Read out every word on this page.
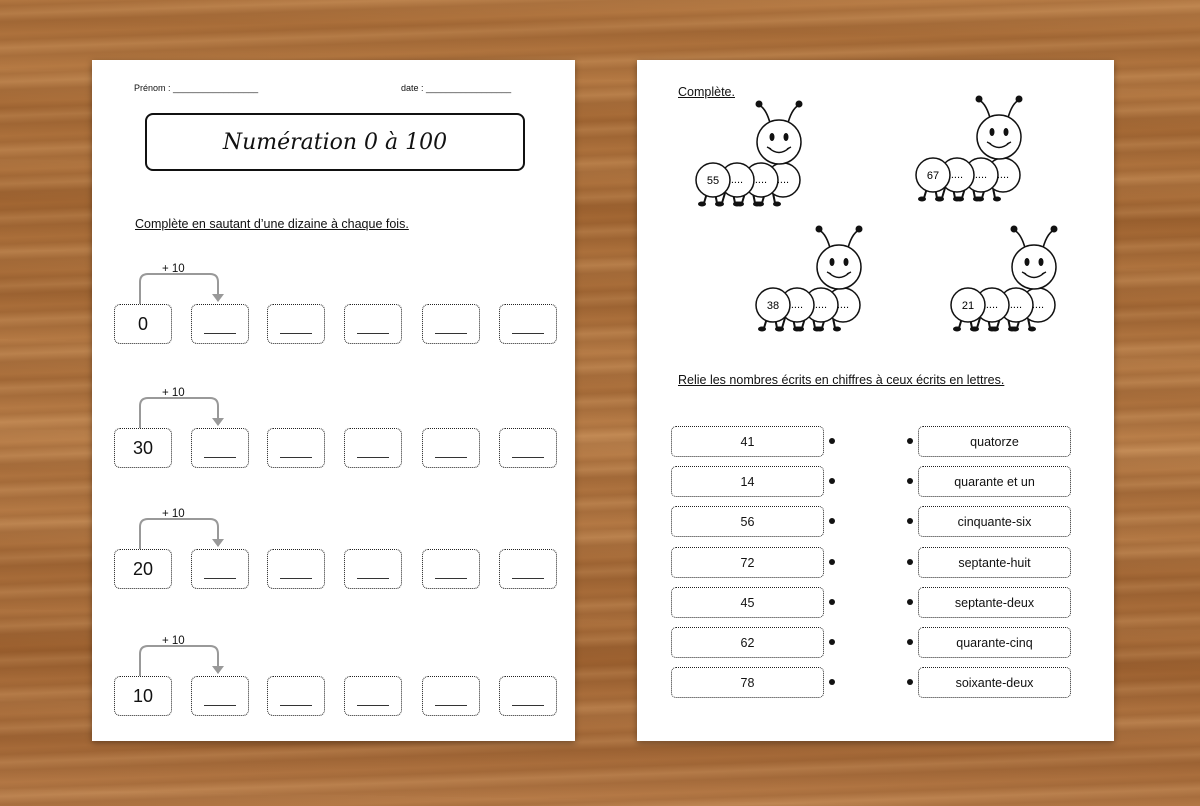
Prénom : _________________	date : _________________
Numération 0 à 100
Complète en sautant d’une dizaine à chaque fois.
+ 10
0
+ 10
30
+ 10
20
+ 10
10
Complète.
55 .... .... ....	67 .... .... ....
38 .... .... ....	21 .... .... ....
Relie les nombres écrits en chiffres à ceux écrits en lettres.
41
14
56
72
45
62
78
quatorze
quarante et un
cinquante-six
septante-huit
septante-deux
quarante-cinq
soixante-deux
